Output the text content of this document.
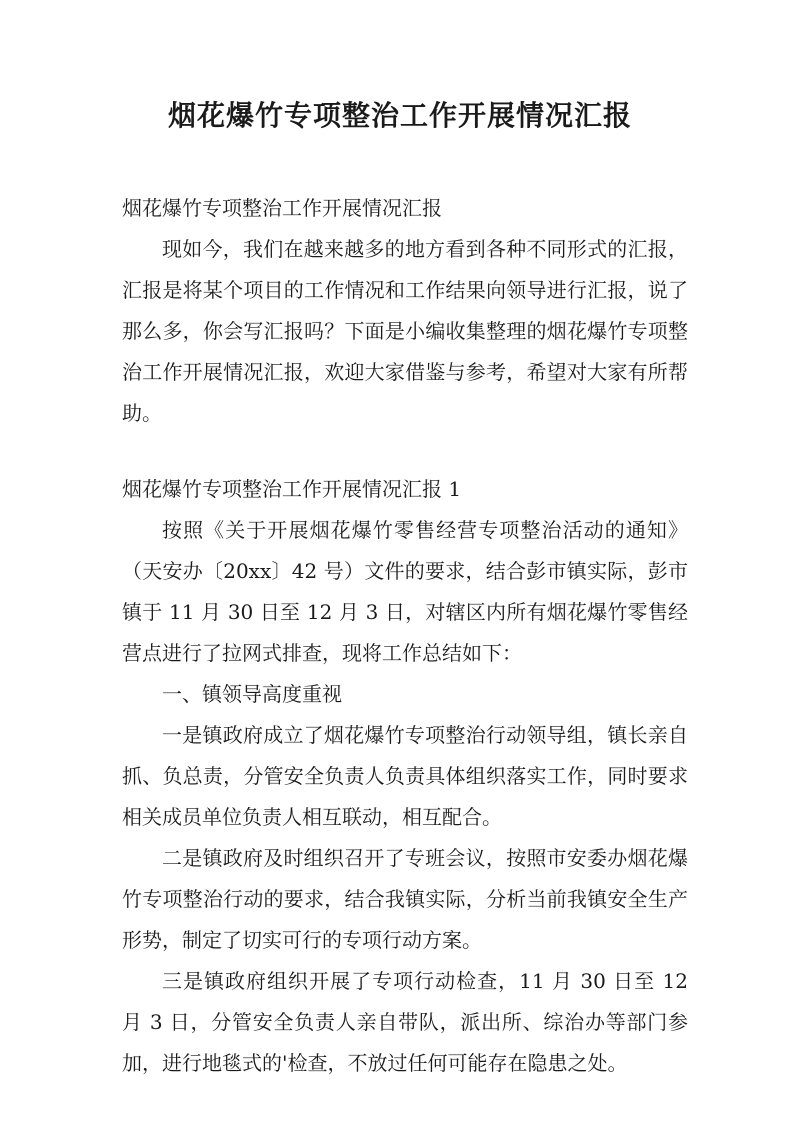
烟花爆竹专项整治工作开展情况汇报

烟花爆竹专项整治工作开展情况汇报

现如今，我们在越来越多的地方看到各种不同形式的汇报，汇报是将某个项目的工作情况和工作结果向领导进行汇报，说了那么多，你会写汇报吗？下面是小编收集整理的烟花爆竹专项整治工作开展情况汇报，欢迎大家借鉴与参考，希望对大家有所帮助。

烟花爆竹专项整治工作开展情况汇报 1

按照《关于开展烟花爆竹零售经营专项整治活动的通知》（天安办〔20xx〕42 号）文件的要求，结合彭市镇实际，彭市镇于 11 月 30 日至 12 月 3 日，对辖区内所有烟花爆竹零售经营点进行了拉网式排查，现将工作总结如下：

一、镇领导高度重视

一是镇政府成立了烟花爆竹专项整治行动领导组，镇长亲自抓、负总责，分管安全负责人负责具体组织落实工作，同时要求相关成员单位负责人相互联动，相互配合。

二是镇政府及时组织召开了专班会议，按照市安委办烟花爆竹专项整治行动的要求，结合我镇实际，分析当前我镇安全生产形势，制定了切实可行的专项行动方案。

三是镇政府组织开展了专项行动检查，11 月 30 日至 12 月 3 日，分管安全负责人亲自带队，派出所、综治办等部门参加，进行地毯式的'检查，不放过任何可能存在隐患之处。
